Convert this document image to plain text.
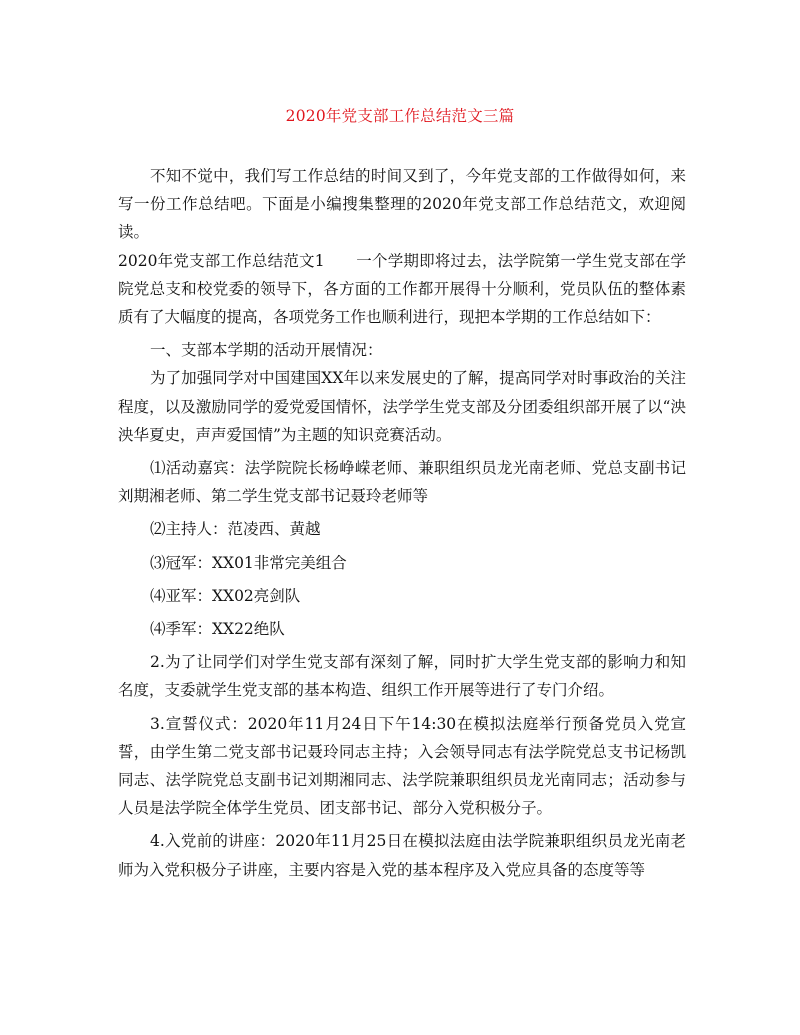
2020年党支部工作总结范文三篇

不知不觉中，我们写工作总结的时间又到了，今年党支部的工作做得如何，来写一份工作总结吧。下面是小编搜集整理的2020年党支部工作总结范文，欢迎阅读。

2020年党支部工作总结范文1　　一个学期即将过去，法学院第一学生党支部在学院党总支和校党委的领导下，各方面的工作都开展得十分顺利，党员队伍的整体素质有了大幅度的提高，各项党务工作也顺利进行，现把本学期的工作总结如下：

一、支部本学期的活动开展情况：

为了加强同学对中国建国XX年以来发展史的了解，提高同学对时事政治的关注程度，以及激励同学的爱党爱国情怀，法学学生党支部及分团委组织部开展了以“泱泱华夏史，声声爱国情”为主题的知识竞赛活动。

⑴活动嘉宾：法学院院长杨峥嵘老师、兼职组织员龙光南老师、党总支副书记刘期湘老师、第二学生党支部书记聂玲老师等

⑵主持人：范凌西、黄越

⑶冠军：XX01非常完美组合

⑷亚军：XX02亮剑队

⑷季军：XX22绝队

2.为了让同学们对学生党支部有深刻了解，同时扩大学生党支部的影响力和知名度，支委就学生党支部的基本构造、组织工作开展等进行了专门介绍。

3.宣誓仪式：2020年11月24日下午14:30在模拟法庭举行预备党员入党宣誓，由学生第二党支部书记聂玲同志主持；入会领导同志有法学院党总支书记杨凯同志、法学院党总支副书记刘期湘同志、法学院兼职组织员龙光南同志；活动参与人员是法学院全体学生党员、团支部书记、部分入党积极分子。

4.入党前的讲座：2020年11月25日在模拟法庭由法学院兼职组织员龙光南老师为入党积极分子讲座，主要内容是入党的基本程序及入党应具备的态度等等
